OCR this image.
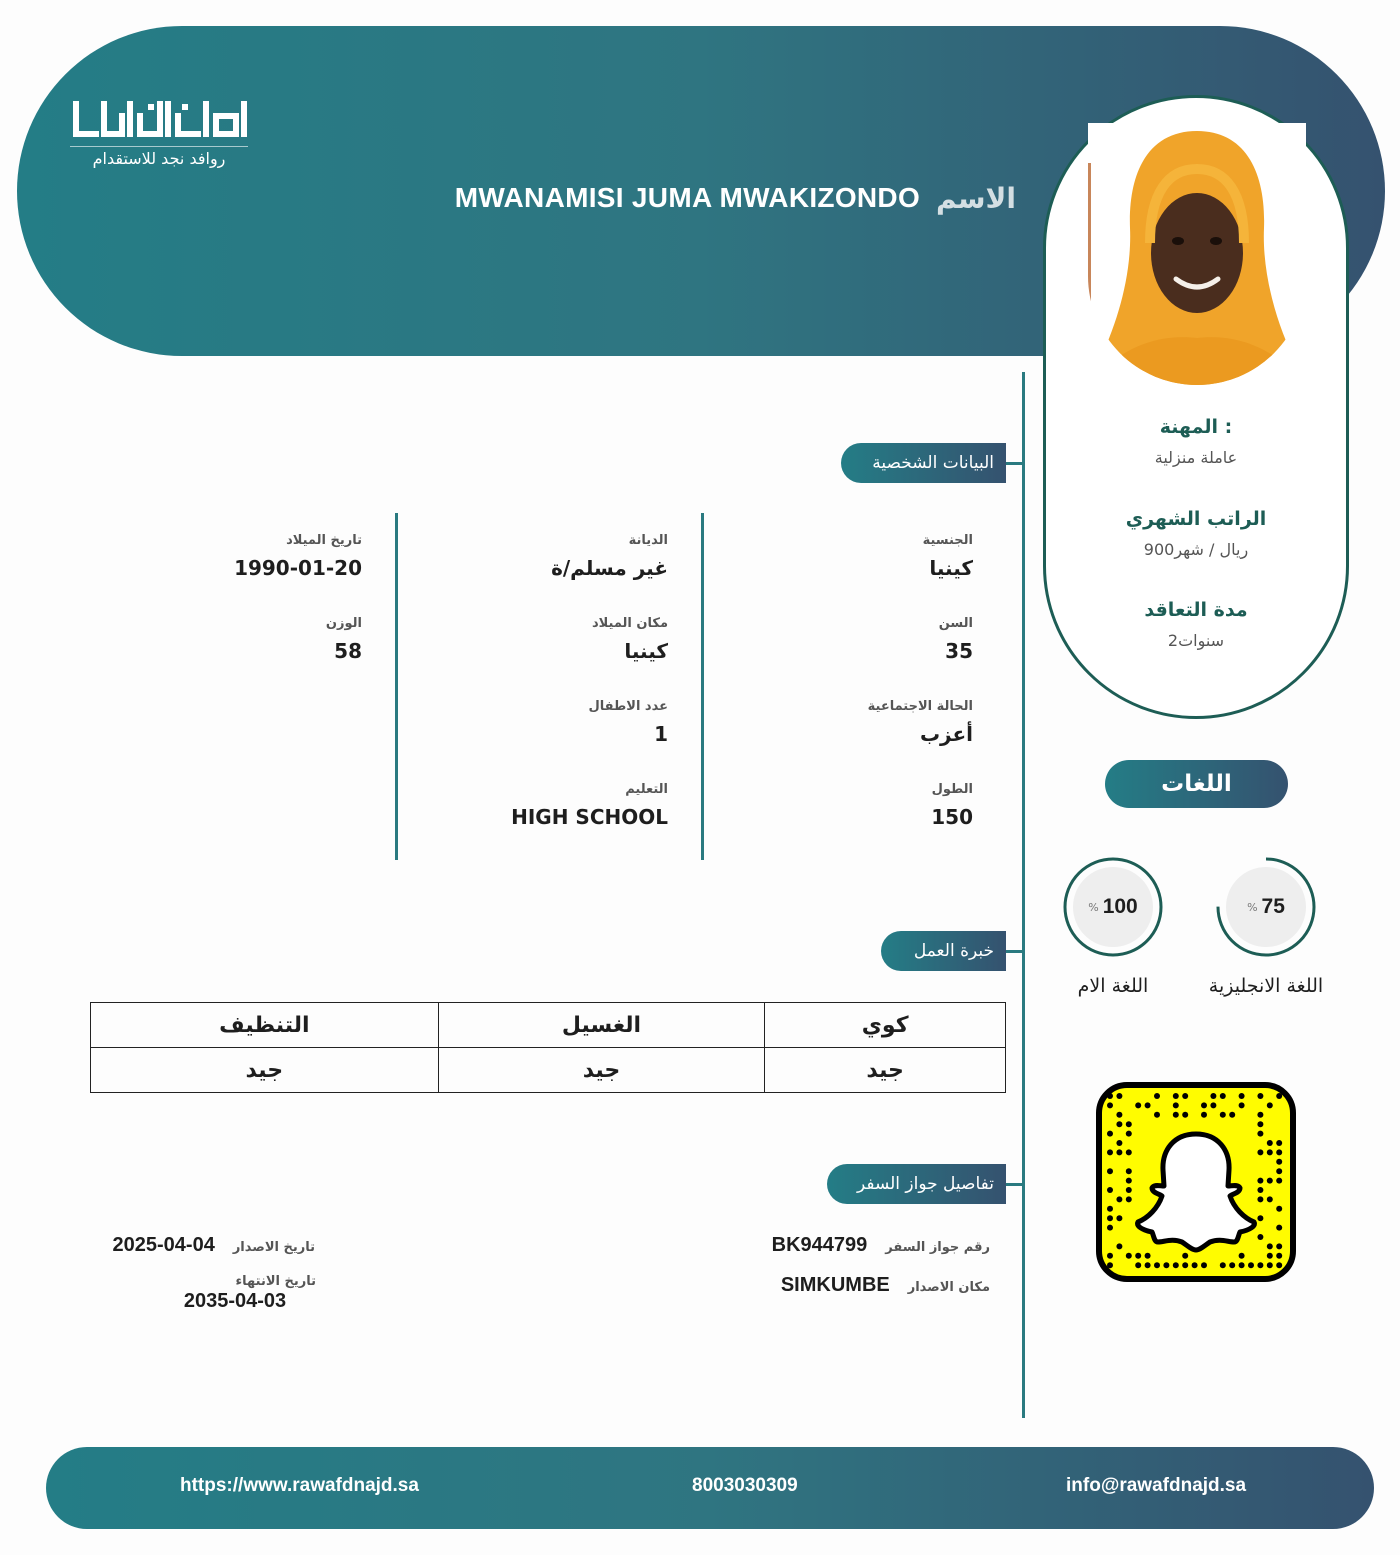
روافد نجد للاستقدام
الاسم
MWANAMISI JUMA MWAKIZONDO
المهنة :
عاملة منزلية
الراتب الشهري
900ريال / شهر
مدة التعاقد
2سنوات
البيانات الشخصية
الجنسية
كينيا
السن
35
الحالة الاجتماعية
أعزب
الطول
150
الديانة
غير مسلم/ة
مكان الميلاد
كينيا
عدد الاطفال
1
التعليم
HIGH SCHOOL
تاريخ الميلاد
1990-01-20
الوزن
58
خبرة العمل
كوي	الغسيل	التنظيف
جيد	جيد	جيد
تفاصيل جواز السفر
رقم جواز السفر
BK944799
مكان الاصدار
SIMKUMBE
تاريخ الاصدار
2025-04-04
تاريخ الانتهاء
2035-04-03
اللغات
% 75
اللغة الانجليزية
% 100
اللغة الام
https://www.rawafdnajd.sa	8003030309	info@rawafdnajd.sa
